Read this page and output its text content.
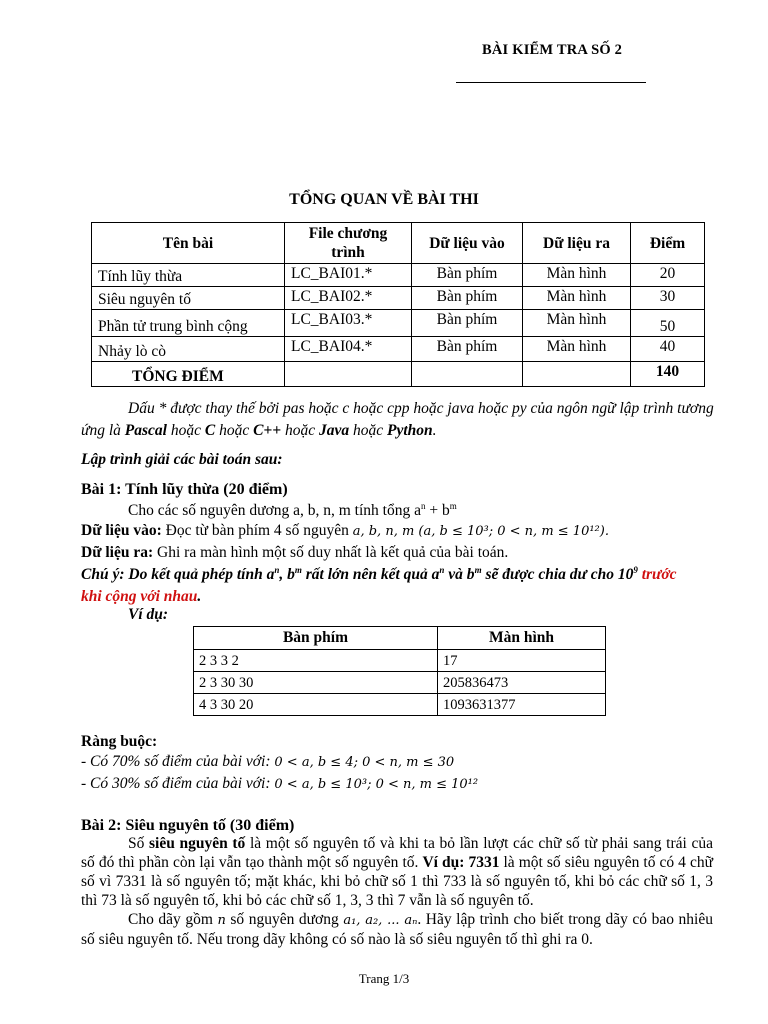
BÀI KIỂM TRA SỐ 2
TỔNG QUAN VỀ BÀI THI
Tên bài	File chương trình	Dữ liệu vào	Dữ liệu ra	Điểm
Tính lũy thừa	LC_BAI01.*	Bàn phím	Màn hình	20
Siêu nguyên tố	LC_BAI02.*	Bàn phím	Màn hình	30
Phần tử trung bình cộng	LC_BAI03.*	Bàn phím	Màn hình	50
Nhảy lò cò	LC_BAI04.*	Bàn phím	Màn hình	40
TỔNG ĐIỂM				140
Dấu * được thay thế bởi pas hoặc c hoặc cpp hoặc java hoặc py của ngôn ngữ lập trình tương ứng là Pascal hoặc C hoặc C++ hoặc Java hoặc Python.
Lập trình giải các bài toán sau:
Bài 1: Tính lũy thừa (20 điểm)
Cho các số nguyên dương a, b, n, m tính tổng $a^n + b^m$
Dữ liệu vào: Đọc từ bàn phím 4 số nguyên a, b, n, m (a, b ≤ 10³; 0 < n, m ≤ 10¹²).
Dữ liệu ra: Ghi ra màn hình một số duy nhất là kết quả của bài toán.
Chú ý: Do kết quả phép tính $a^n$, $b^m$ rất lớn nên kết quả $a^n$ và $b^m$ sẽ được chia dư cho $10^9$ trước khi cộng với nhau.
Ví dụ:
Bàn phím	Màn hình
2 3 3 2	17
2 3 30 30	205836473
4 3 30 20	1093631377
Ràng buộc:
- Có 70% số điểm của bài với: 0 < a, b ≤ 4; 0 < n, m ≤ 30
- Có 30% số điểm của bài với: 0 < a, b ≤ 10³; 0 < n, m ≤ 10¹²
Bài 2: Siêu nguyên tố (30 điểm)
Số siêu nguyên tố là một số nguyên tố và khi ta bỏ lần lượt các chữ số từ phải sang trái của số đó thì phần còn lại vẫn tạo thành một số nguyên tố. Ví dụ: 7331 là một số siêu nguyên tố có 4 chữ số vì 7331 là số nguyên tố; mặt khác, khi bỏ chữ số 1 thì 733 là số nguyên tố, khi bỏ các chữ số 1, 3 thì 73 là số nguyên tố, khi bỏ các chữ số 1, 3, 3 thì 7 vẫn là số nguyên tố.
Cho dãy gồm n số nguyên dương a₁, a₂, ... aₙ. Hãy lập trình cho biết trong dãy có bao nhiêu số siêu nguyên tố. Nếu trong dãy không có số nào là số siêu nguyên tố thì ghi ra 0.
Trang 1/3
